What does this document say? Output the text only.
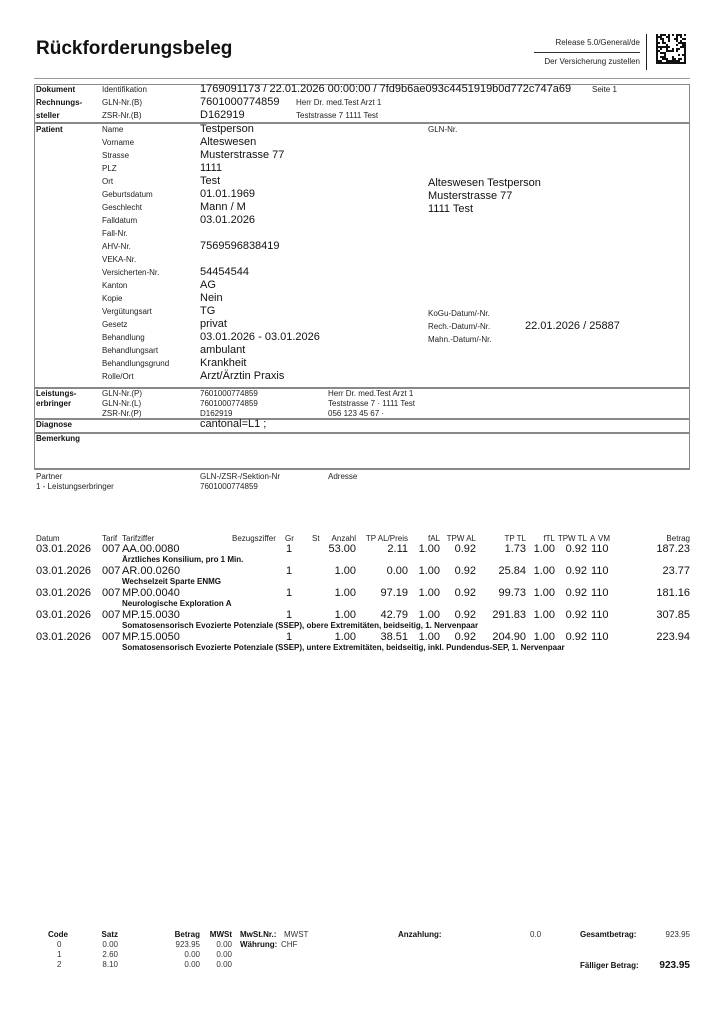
Rückforderungsbeleg	Release 5.0/General/de
Der Versicherung zustellen
Dokument	Identifikation	1769091173 / 22.01.2026 00:00:00 / 7fd9b6ae093c4451919b0d772c747a69	Seite 1
Rechnungs- GLN-Nr.(B)	7601000774859 Herr Dr. med.Test Arzt 1
steller	ZSR-Nr.(B)	D162919	Teststrasse 7 1111 Test
Patient	Name	Testperson
Vorname	Alteswesen
Strasse	Musterstrasse 77
PLZ	1111
Ort	Test
Geburtsdatum	01.01.1969
Geschlecht	Mann / M
Falldatum	03.01.2026
Fall-Nr.
AHV-Nr.	7569596838419
VEKA-Nr.
Versicherten-Nr.	54454544
Kanton	AG
Kopie	Nein
Vergütungsart	TG
Gesetz	privat
Behandlung	03.01.2026 - 03.01.2026
Behandlungsart	ambulant
Behandlungsgrund	Krankheit
Rolle/Ort	Arzt/Ärztin Praxis
GLN-Nr.
Alteswesen Testperson
Musterstrasse 77
1111 Test
KoGu-Datum/-Nr.
Rech.-Datum/-Nr.	22.01.2026 / 25887
Mahn.-Datum/-Nr.
Leistungs-
erbringer
GLN-Nr.(P)	7601000774859	Herr Dr. med.Test Arzt 1
GLN-Nr.(L)	7601000774859	Teststrasse 7 · 1111 Test
ZSR-Nr.(P)	D162919	056 123 45 67 ·
Diagnose	cantonal=L1 ;
Bemerkung
Partner	GLN-/ZSR-/Sektion-Nr	Adresse
1 - Leistungserbringer	7601000774859
Datum	Tarif Tarifziffer	Bezugsziffer Gr St	Anzahl	TP AL/Preis	fAL TPW AL	TP TL	fTL TPW TL A VM	Betrag
03.01.2026 007 AA.00.0080	1	53.00	2.11 1.00	0.92	1.73 1.00 0.92 110	187.23
Ärztliches Konsilium, pro 1 Min.
03.01.2026 007 AR.00.0260	1	1.00	0.00 1.00	0.92	25.84 1.00 0.92 110	23.77
Wechselzeit Sparte ENMG
03.01.2026 007 MP.00.0040	1	1.00	97.19 1.00	0.92	99.73 1.00 0.92 110	181.16
Neurologische Exploration A
03.01.2026 007 MP.15.0030	1	1.00	42.79 1.00	0.92	291.83 1.00 0.92 110	307.85
Somatosensorisch Evozierte Potenziale (SSEP), obere Extremitäten, beidseitig, 1. Nervenpaar
03.01.2026 007 MP.15.0050	1	1.00	38.51 1.00	0.92	204.90 1.00 0.92 110	223.94
Somatosensorisch Evozierte Potenziale (SSEP), untere Extremitäten, beidseitig, inkl. Pundendus-SEP, 1. Nervenpaar
Code	Satz	Betrag	MWSt
0	0.00	923.95	0.00
1	2.60	0.00	0.00
2	8.10	0.00	0.00
MwSt.Nr.: MWST
Währung: CHF
Anzahlung:	0.0	Gesamtbetrag:	923.95
Fälliger Betrag:	923.95
